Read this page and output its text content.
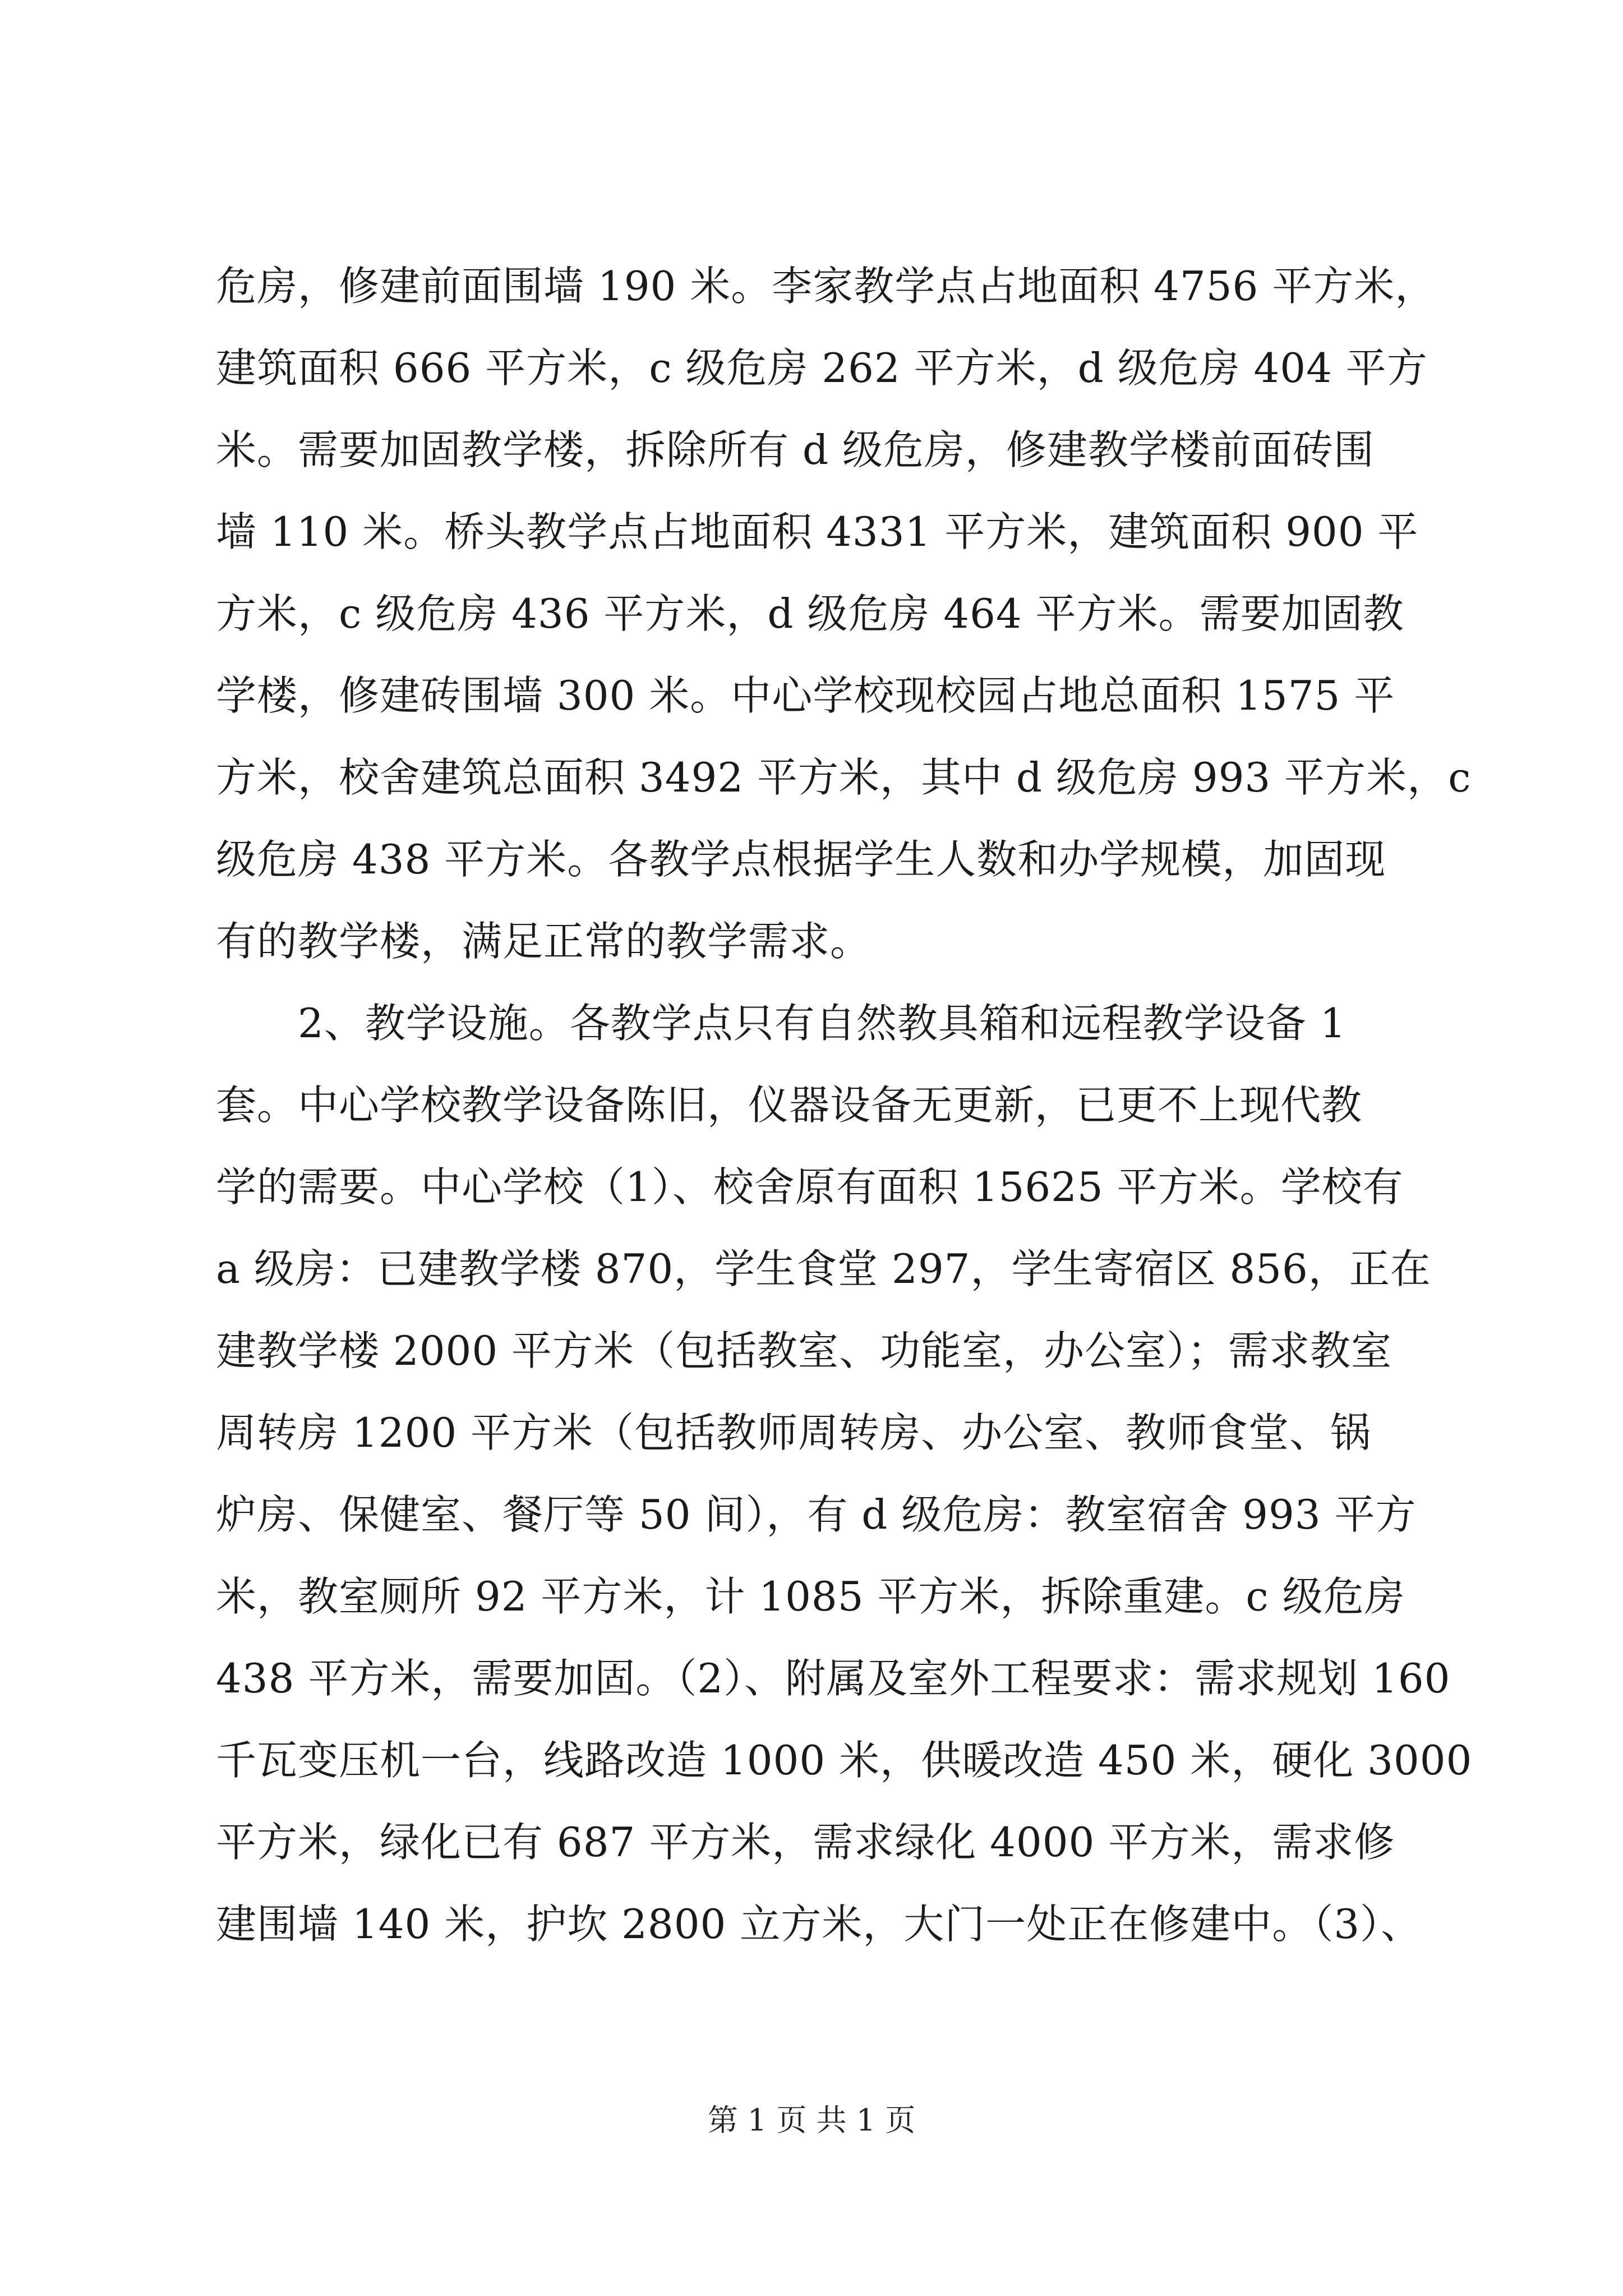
危房，修建前面围墙 190 米。李家教学点占地面积 4756 平方米，
建筑面积 666 平方米，c 级危房 262 平方米，d 级危房 404 平方
米。需要加固教学楼，拆除所有 d 级危房，修建教学楼前面砖围
墙 110 米。桥头教学点占地面积 4331 平方米，建筑面积 900 平
方米，c 级危房 436 平方米，d 级危房 464 平方米。需要加固教
学楼，修建砖围墙 300 米。中心学校现校园占地总面积 1575 平
方米，校舍建筑总面积 3492 平方米，其中 d 级危房 993 平方米，c
级危房 438 平方米。各教学点根据学生人数和办学规模，加固现
有的教学楼，满足正常的教学需求。
　　2、教学设施。各教学点只有自然教具箱和远程教学设备 1
套。中心学校教学设备陈旧，仪器设备无更新，已更不上现代教
学的需要。中心学校（1）、校舍原有面积 15625 平方米。学校有
a 级房：已建教学楼 870，学生食堂 297，学生寄宿区 856，正在
建教学楼 2000 平方米（包括教室、功能室，办公室）；需求教室
周转房 1200 平方米（包括教师周转房、办公室、教师食堂、锅
炉房、保健室、餐厅等 50 间），有 d 级危房：教室宿舍 993 平方
米，教室厕所 92 平方米，计 1085 平方米，拆除重建。c 级危房
438 平方米，需要加固。（2）、附属及室外工程要求：需求规划 160
千瓦变压机一台，线路改造 1000 米，供暖改造 450 米，硬化 3000
平方米，绿化已有 687 平方米，需求绿化 4000 平方米，需求修
建围墙 140 米，护坎 2800 立方米，大门一处正在修建中。（3）、
第 1 页 共 1 页
